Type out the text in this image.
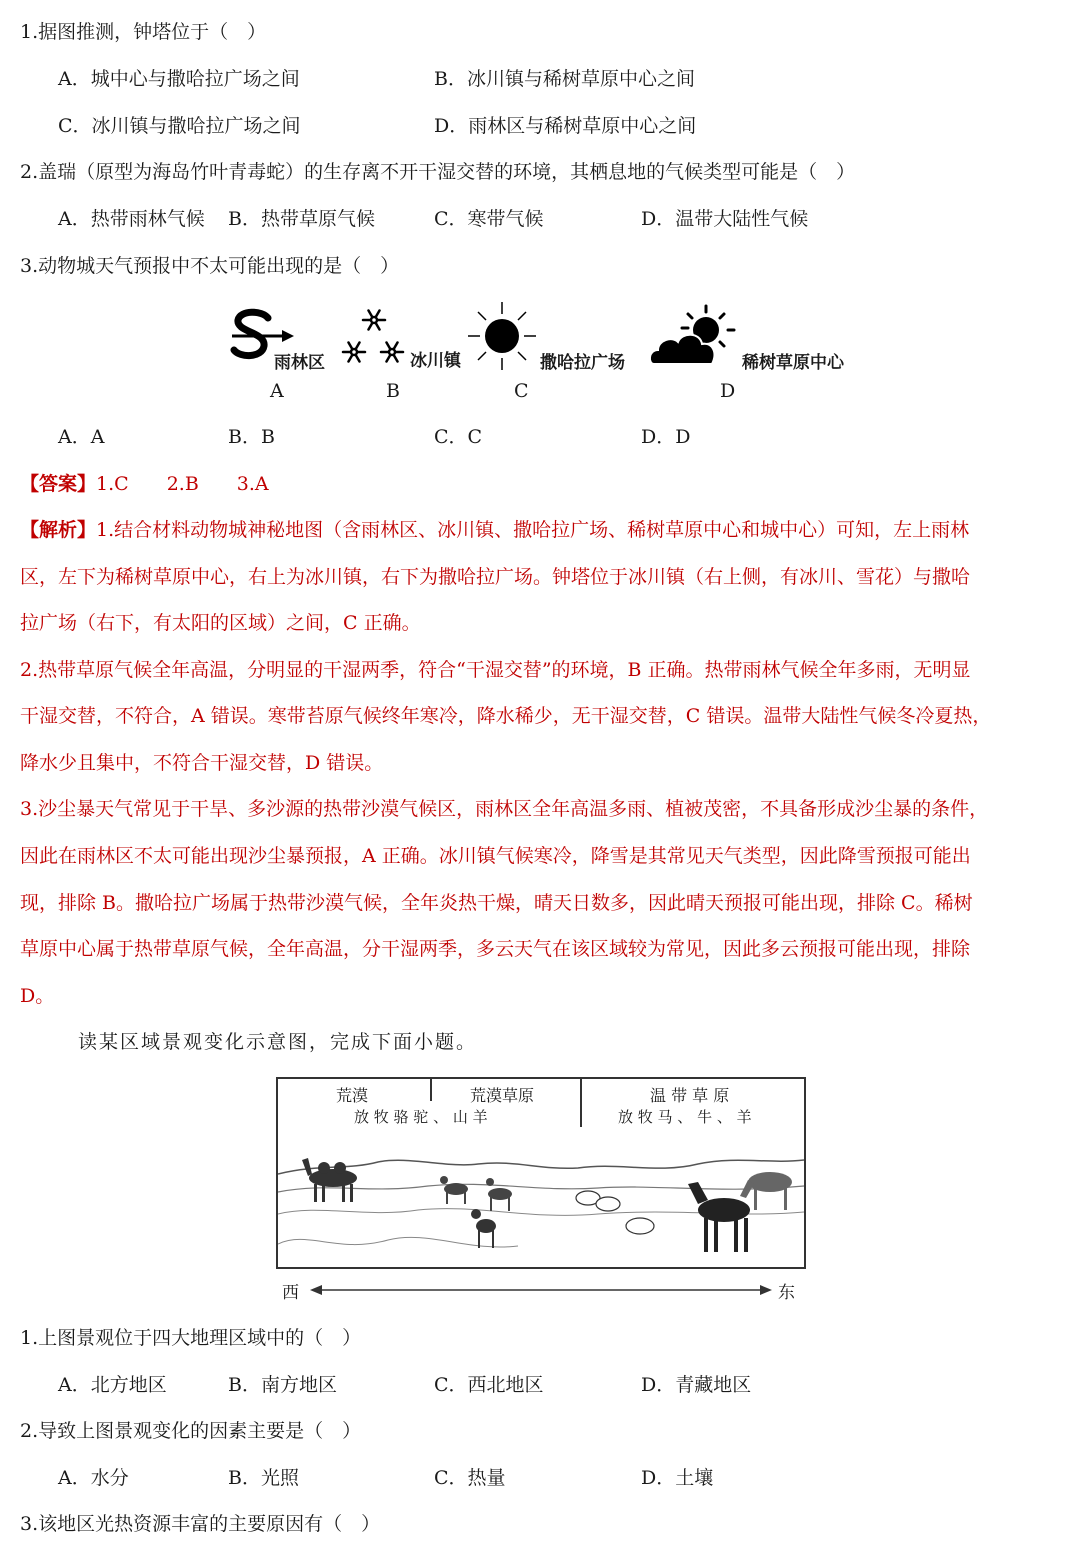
1.据图推测，钟塔位于（　）
A．城中心与撒哈拉广场之间	B．冰川镇与稀树草原中心之间
C．冰川镇与撒哈拉广场之间	D．雨林区与稀树草原中心之间
2.盖瑞（原型为海岛竹叶青毒蛇）的生存离不开干湿交替的环境，其栖息地的气候类型可能是（　）
A．热带雨林气候 B．热带草原气候	C．寒带气候	D．温带大陆性气候
3.动物城天气预报中不太可能出现的是（　）
雨林区
A
冰川镇
B
撒哈拉广场
C
稀树草原中心
D
A．A	B．B	C．C	D．D
【答案】1.C 2.B 3.A
【解析】1.结合材料动物城神秘地图（含雨林区、冰川镇、撒哈拉广场、稀树草原中心和城中心）可知，左上雨林
区，左下为稀树草原中心，右上为冰川镇，右下为撒哈拉广场。钟塔位于冰川镇（右上侧，有冰川、雪花）与撒哈
拉广场（右下，有太阳的区域）之间，C 正确。
2.热带草原气候全年高温，分明显的干湿两季，符合“干湿交替”的环境，B 正确。热带雨林气候全年多雨，无明显
干湿交替，不符合，A 错误。寒带苔原气候终年寒冷，降水稀少，无干湿交替，C 错误。温带大陆性气候冬冷夏热，
降水少且集中，不符合干湿交替，D 错误。
3.沙尘暴天气常见于干旱、多沙源的热带沙漠气候区，雨林区全年高温多雨、植被茂密，不具备形成沙尘暴的条件，
因此在雨林区不太可能出现沙尘暴预报，A 正确。冰川镇气候寒冷，降雪是其常见天气类型，因此降雪预报可能出
现，排除 B。撒哈拉广场属于热带沙漠气候，全年炎热干燥，晴天日数多，因此晴天预报可能出现，排除 C。稀树
草原中心属于热带草原气候，全年高温，分干湿两季，多云天气在该区域较为常见，因此多云预报可能出现，排除
D。
读某区域景观变化示意图，完成下面小题。
荒漠	荒漠草原
放 牧 骆 驼 、 山 羊
温 带 草 原
放 牧 马 、 牛 、 羊
西	东
1.上图景观位于四大地理区域中的（　）
A．北方地区	B．南方地区	C．西北地区	D．青藏地区
2.导致上图景观变化的因素主要是（　）
A．水分	B．光照	C．热量	D．土壤
3.该地区光热资源丰富的主要原因有（　）
